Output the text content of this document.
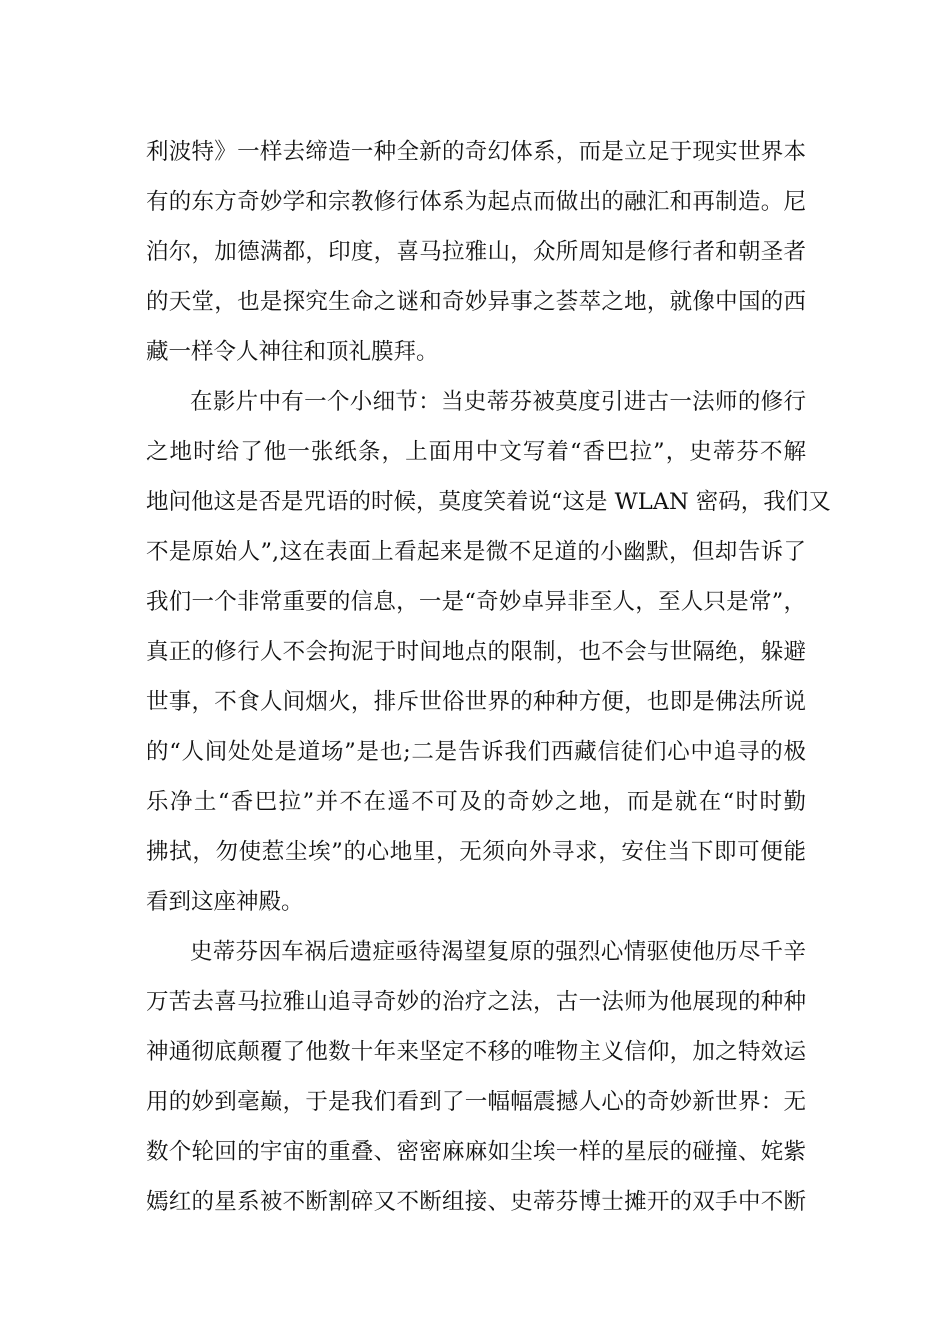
利波特》一样去缔造一种全新的奇幻体系，而是立足于现实世界本
有的东方奇妙学和宗教修行体系为起点而做出的融汇和再制造。尼
泊尔，加德满都，印度，喜马拉雅山，众所周知是修行者和朝圣者
的天堂，也是探究生命之谜和奇妙异事之荟萃之地，就像中国的西
藏一样令人神往和顶礼膜拜。
在影片中有一个小细节：当史蒂芬被莫度引进古一法师的修行
之地时给了他一张纸条，上面用中文写着“香巴拉”，史蒂芬不解
地问他这是否是咒语的时候，莫度笑着说“这是 WLAN 密码，我们又
不是原始人”,这在表面上看起来是微不足道的小幽默，但却告诉了
我们一个非常重要的信息，一是“奇妙卓异非至人，至人只是常”，
真正的修行人不会拘泥于时间地点的限制，也不会与世隔绝，躲避
世事，不食人间烟火，排斥世俗世界的种种方便，也即是佛法所说
的“人间处处是道场”是也;二是告诉我们西藏信徒们心中追寻的极
乐净土“香巴拉”并不在遥不可及的奇妙之地，而是就在“时时勤
拂拭，勿使惹尘埃”的心地里，无须向外寻求，安住当下即可便能
看到这座神殿。
史蒂芬因车祸后遗症亟待渴望复原的强烈心情驱使他历尽千辛
万苦去喜马拉雅山追寻奇妙的治疗之法，古一法师为他展现的种种
神通彻底颠覆了他数十年来坚定不移的唯物主义信仰，加之特效运
用的妙到毫巅，于是我们看到了一幅幅震撼人心的奇妙新世界：无
数个轮回的宇宙的重叠、密密麻麻如尘埃一样的星辰的碰撞、姹紫
嫣红的星系被不断割碎又不断组接、史蒂芬博士摊开的双手中不断
